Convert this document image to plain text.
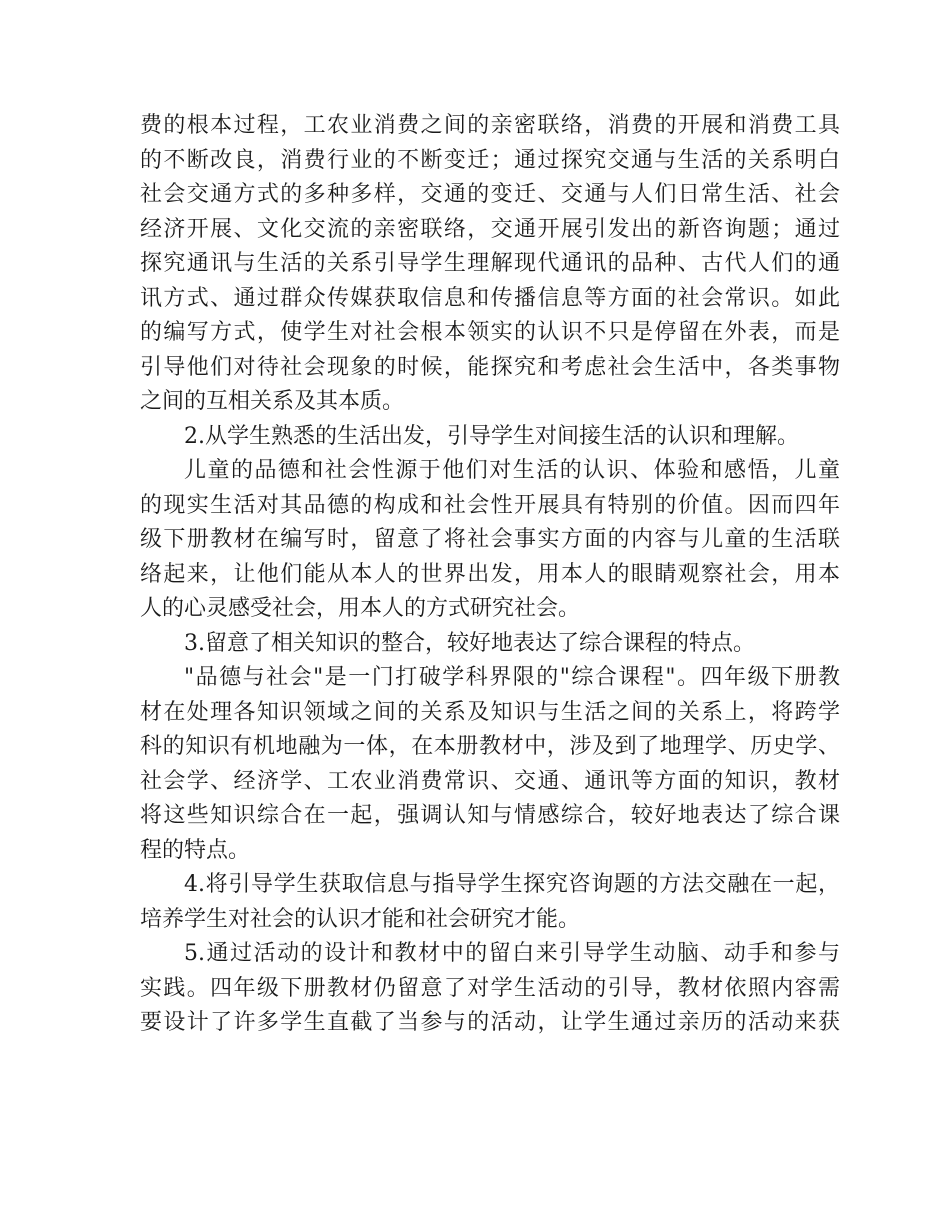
费的根本过程，工农业消费之间的亲密联络，消费的开展和消费工具
的不断改良，消费行业的不断变迁；通过探究交通与生活的关系明白
社会交通方式的多种多样，交通的变迁、交通与人们日常生活、社会
经济开展、文化交流的亲密联络，交通开展引发出的新咨询题；通过
探究通讯与生活的关系引导学生理解现代通讯的品种、古代人们的通
讯方式、通过群众传媒获取信息和传播信息等方面的社会常识。如此
的编写方式，使学生对社会根本领实的认识不只是停留在外表，而是
引导他们对待社会现象的时候，能探究和考虑社会生活中，各类事物
之间的互相关系及其本质。
2.从学生熟悉的生活出发，引导学生对间接生活的认识和理解。
儿童的品德和社会性源于他们对生活的认识、体验和感悟，儿童
的现实生活对其品德的构成和社会性开展具有特别的价值。因而四年
级下册教材在编写时，留意了将社会事实方面的内容与儿童的生活联
络起来，让他们能从本人的世界出发，用本人的眼睛观察社会，用本
人的心灵感受社会，用本人的方式研究社会。
3.留意了相关知识的整合，较好地表达了综合课程的特点。
"品德与社会"是一门打破学科界限的"综合课程"。四年级下册教
材在处理各知识领域之间的关系及知识与生活之间的关系上，将跨学
科的知识有机地融为一体，在本册教材中，涉及到了地理学、历史学、
社会学、经济学、工农业消费常识、交通、通讯等方面的知识，教材
将这些知识综合在一起，强调认知与情感综合，较好地表达了综合课
程的特点。
4.将引导学生获取信息与指导学生探究咨询题的方法交融在一起，
培养学生对社会的认识才能和社会研究才能。
5.通过活动的设计和教材中的留白来引导学生动脑、动手和参与
实践。四年级下册教材仍留意了对学生活动的引导，教材依照内容需
要设计了许多学生直截了当参与的活动，让学生通过亲历的活动来获
